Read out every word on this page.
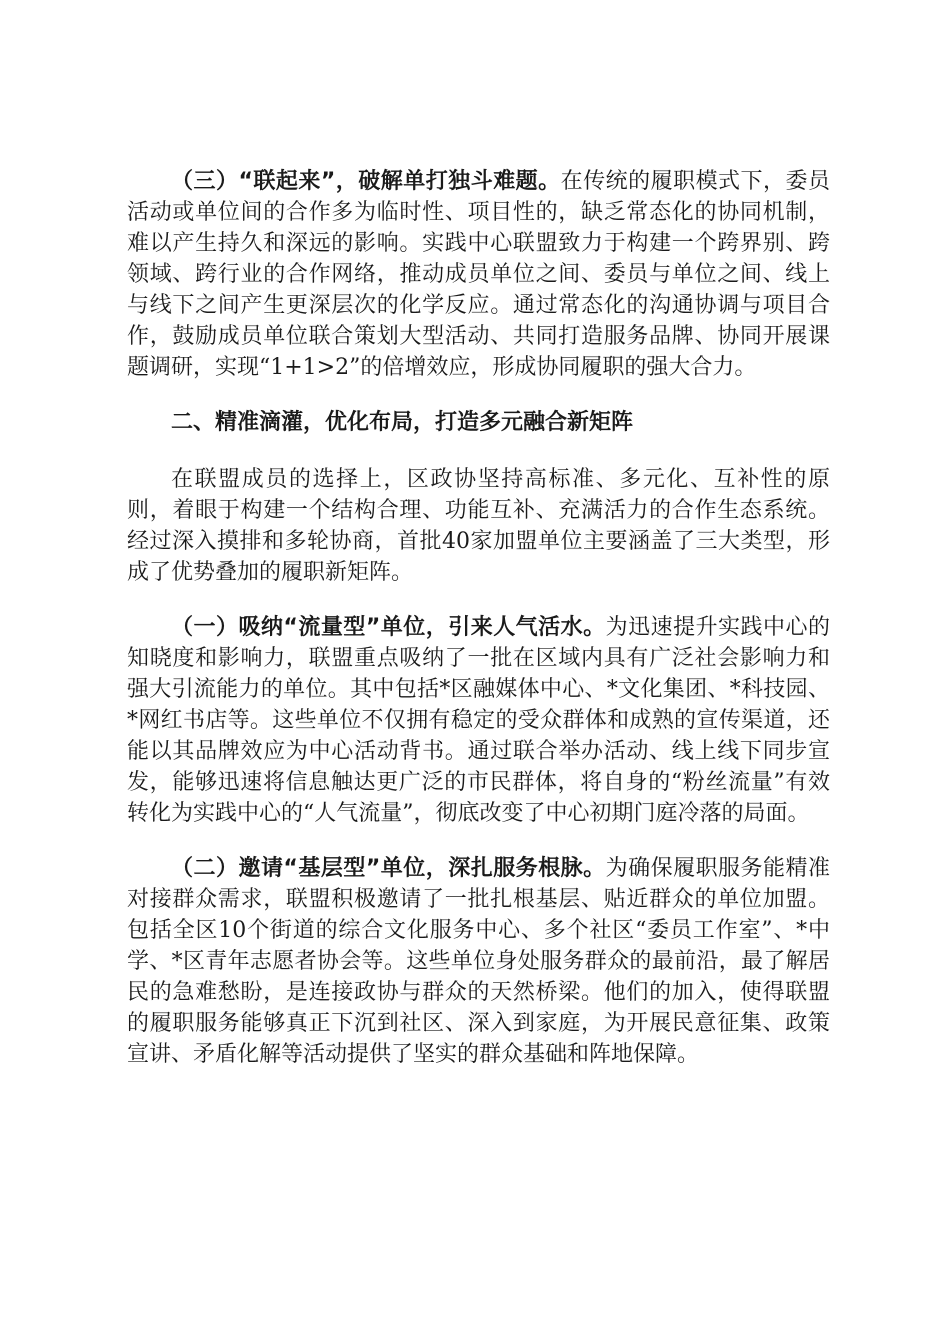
（三）“联起来”，破解单打独斗难题。在传统的履职模式下，委员活动或单位间的合作多为临时性、项目性的，缺乏常态化的协同机制，难以产生持久和深远的影响。实践中心联盟致力于构建一个跨界别、跨领域、跨行业的合作网络，推动成员单位之间、委员与单位之间、线上与线下之间产生更深层次的化学反应。通过常态化的沟通协调与项目合作，鼓励成员单位联合策划大型活动、共同打造服务品牌、协同开展课题调研，实现“1+1>2”的倍增效应，形成协同履职的强大合力。

二、精准滴灌，优化布局，打造多元融合新矩阵

在联盟成员的选择上，区政协坚持高标准、多元化、互补性的原则，着眼于构建一个结构合理、功能互补、充满活力的合作生态系统。经过深入摸排和多轮协商，首批40家加盟单位主要涵盖了三大类型，形成了优势叠加的履职新矩阵。

（一）吸纳“流量型”单位，引来人气活水。为迅速提升实践中心的知晓度和影响力，联盟重点吸纳了一批在区域内具有广泛社会影响力和强大引流能力的单位。其中包括*区融媒体中心、*文化集团、*科技园、*网红书店等。这些单位不仅拥有稳定的受众群体和成熟的宣传渠道，还能以其品牌效应为中心活动背书。通过联合举办活动、线上线下同步宣发，能够迅速将信息触达更广泛的市民群体，将自身的“粉丝流量”有效转化为实践中心的“人气流量”，彻底改变了中心初期门庭冷落的局面。

（二）邀请“基层型”单位，深扎服务根脉。为确保履职服务能精准对接群众需求，联盟积极邀请了一批扎根基层、贴近群众的单位加盟。包括全区10个街道的综合文化服务中心、多个社区“委员工作室”、*中学、*区青年志愿者协会等。这些单位身处服务群众的最前沿，最了解居民的急难愁盼，是连接政协与群众的天然桥梁。他们的加入，使得联盟的履职服务能够真正下沉到社区、深入到家庭，为开展民意征集、政策宣讲、矛盾化解等活动提供了坚实的群众基础和阵地保障。
